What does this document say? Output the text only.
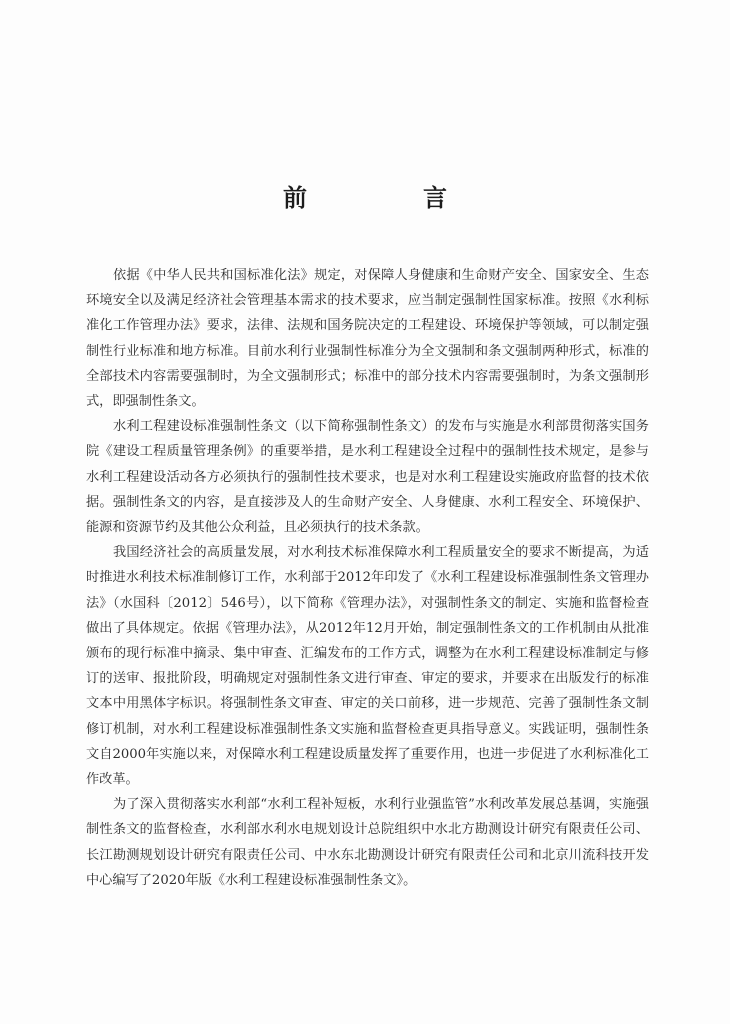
前　言

依据《中华人民共和国标准化法》规定，对保障人身健康和生命财产安全、国家安全、生态环境安全以及满足经济社会管理基本需求的技术要求，应当制定强制性国家标准。按照《水利标准化工作管理办法》要求，法律、法规和国务院决定的工程建设、环境保护等领域，可以制定强制性行业标准和地方标准。目前水利行业强制性标准分为全文强制和条文强制两种形式，标准的全部技术内容需要强制时，为全文强制形式；标准中的部分技术内容需要强制时，为条文强制形式，即强制性条文。

水利工程建设标准强制性条文（以下简称强制性条文）的发布与实施是水利部贯彻落实国务院《建设工程质量管理条例》的重要举措，是水利工程建设全过程中的强制性技术规定，是参与水利工程建设活动各方必须执行的强制性技术要求，也是对水利工程建设实施政府监督的技术依据。强制性条文的内容，是直接涉及人的生命财产安全、人身健康、水利工程安全、环境保护、能源和资源节约及其他公众利益，且必须执行的技术条款。

我国经济社会的高质量发展，对水利技术标准保障水利工程质量安全的要求不断提高，为适时推进水利技术标准制修订工作，水利部于2012年印发了《水利工程建设标准强制性条文管理办法》（水国科〔2012〕546号），以下简称《管理办法》，对强制性条文的制定、实施和监督检查做出了具体规定。依据《管理办法》，从2012年12月开始，制定强制性条文的工作机制由从批准颁布的现行标准中摘录、集中审查、汇编发布的工作方式，调整为在水利工程建设标准制定与修订的送审、报批阶段，明确规定对强制性条文进行审查、审定的要求，并要求在出版发行的标准文本中用黑体字标识。将强制性条文审查、审定的关口前移，进一步规范、完善了强制性条文制修订机制，对水利工程建设标准强制性条文实施和监督检查更具指导意义。实践证明，强制性条文自2000年实施以来，对保障水利工程建设质量发挥了重要作用，也进一步促进了水利标准化工作改革。

为了深入贯彻落实水利部“水利工程补短板，水利行业强监管”水利改革发展总基调，实施强制性条文的监督检查，水利部水利水电规划设计总院组织中水北方勘测设计研究有限责任公司、长江勘测规划设计研究有限责任公司、中水东北勘测设计研究有限责任公司和北京川流科技开发中心编写了2020年版《水利工程建设标准强制性条文》。
